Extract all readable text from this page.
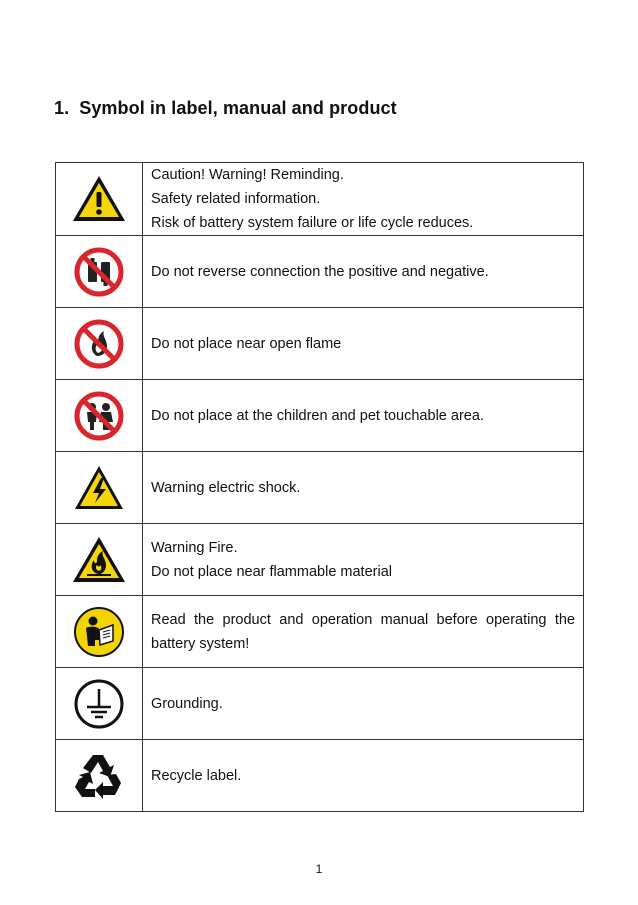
1. Symbol in label, manual and product

Caution! Warning! Reminding.
Safety related information.
Risk of battery system failure or life cycle reduces.

Do not reverse connection the positive and negative.

Do not place near open flame

Do not place at the children and pet touchable area.

Warning electric shock.

Warning Fire.
Do not place near flammable material

Read the product and operation manual before operating the
battery system!

Grounding.

Recycle label.
1
